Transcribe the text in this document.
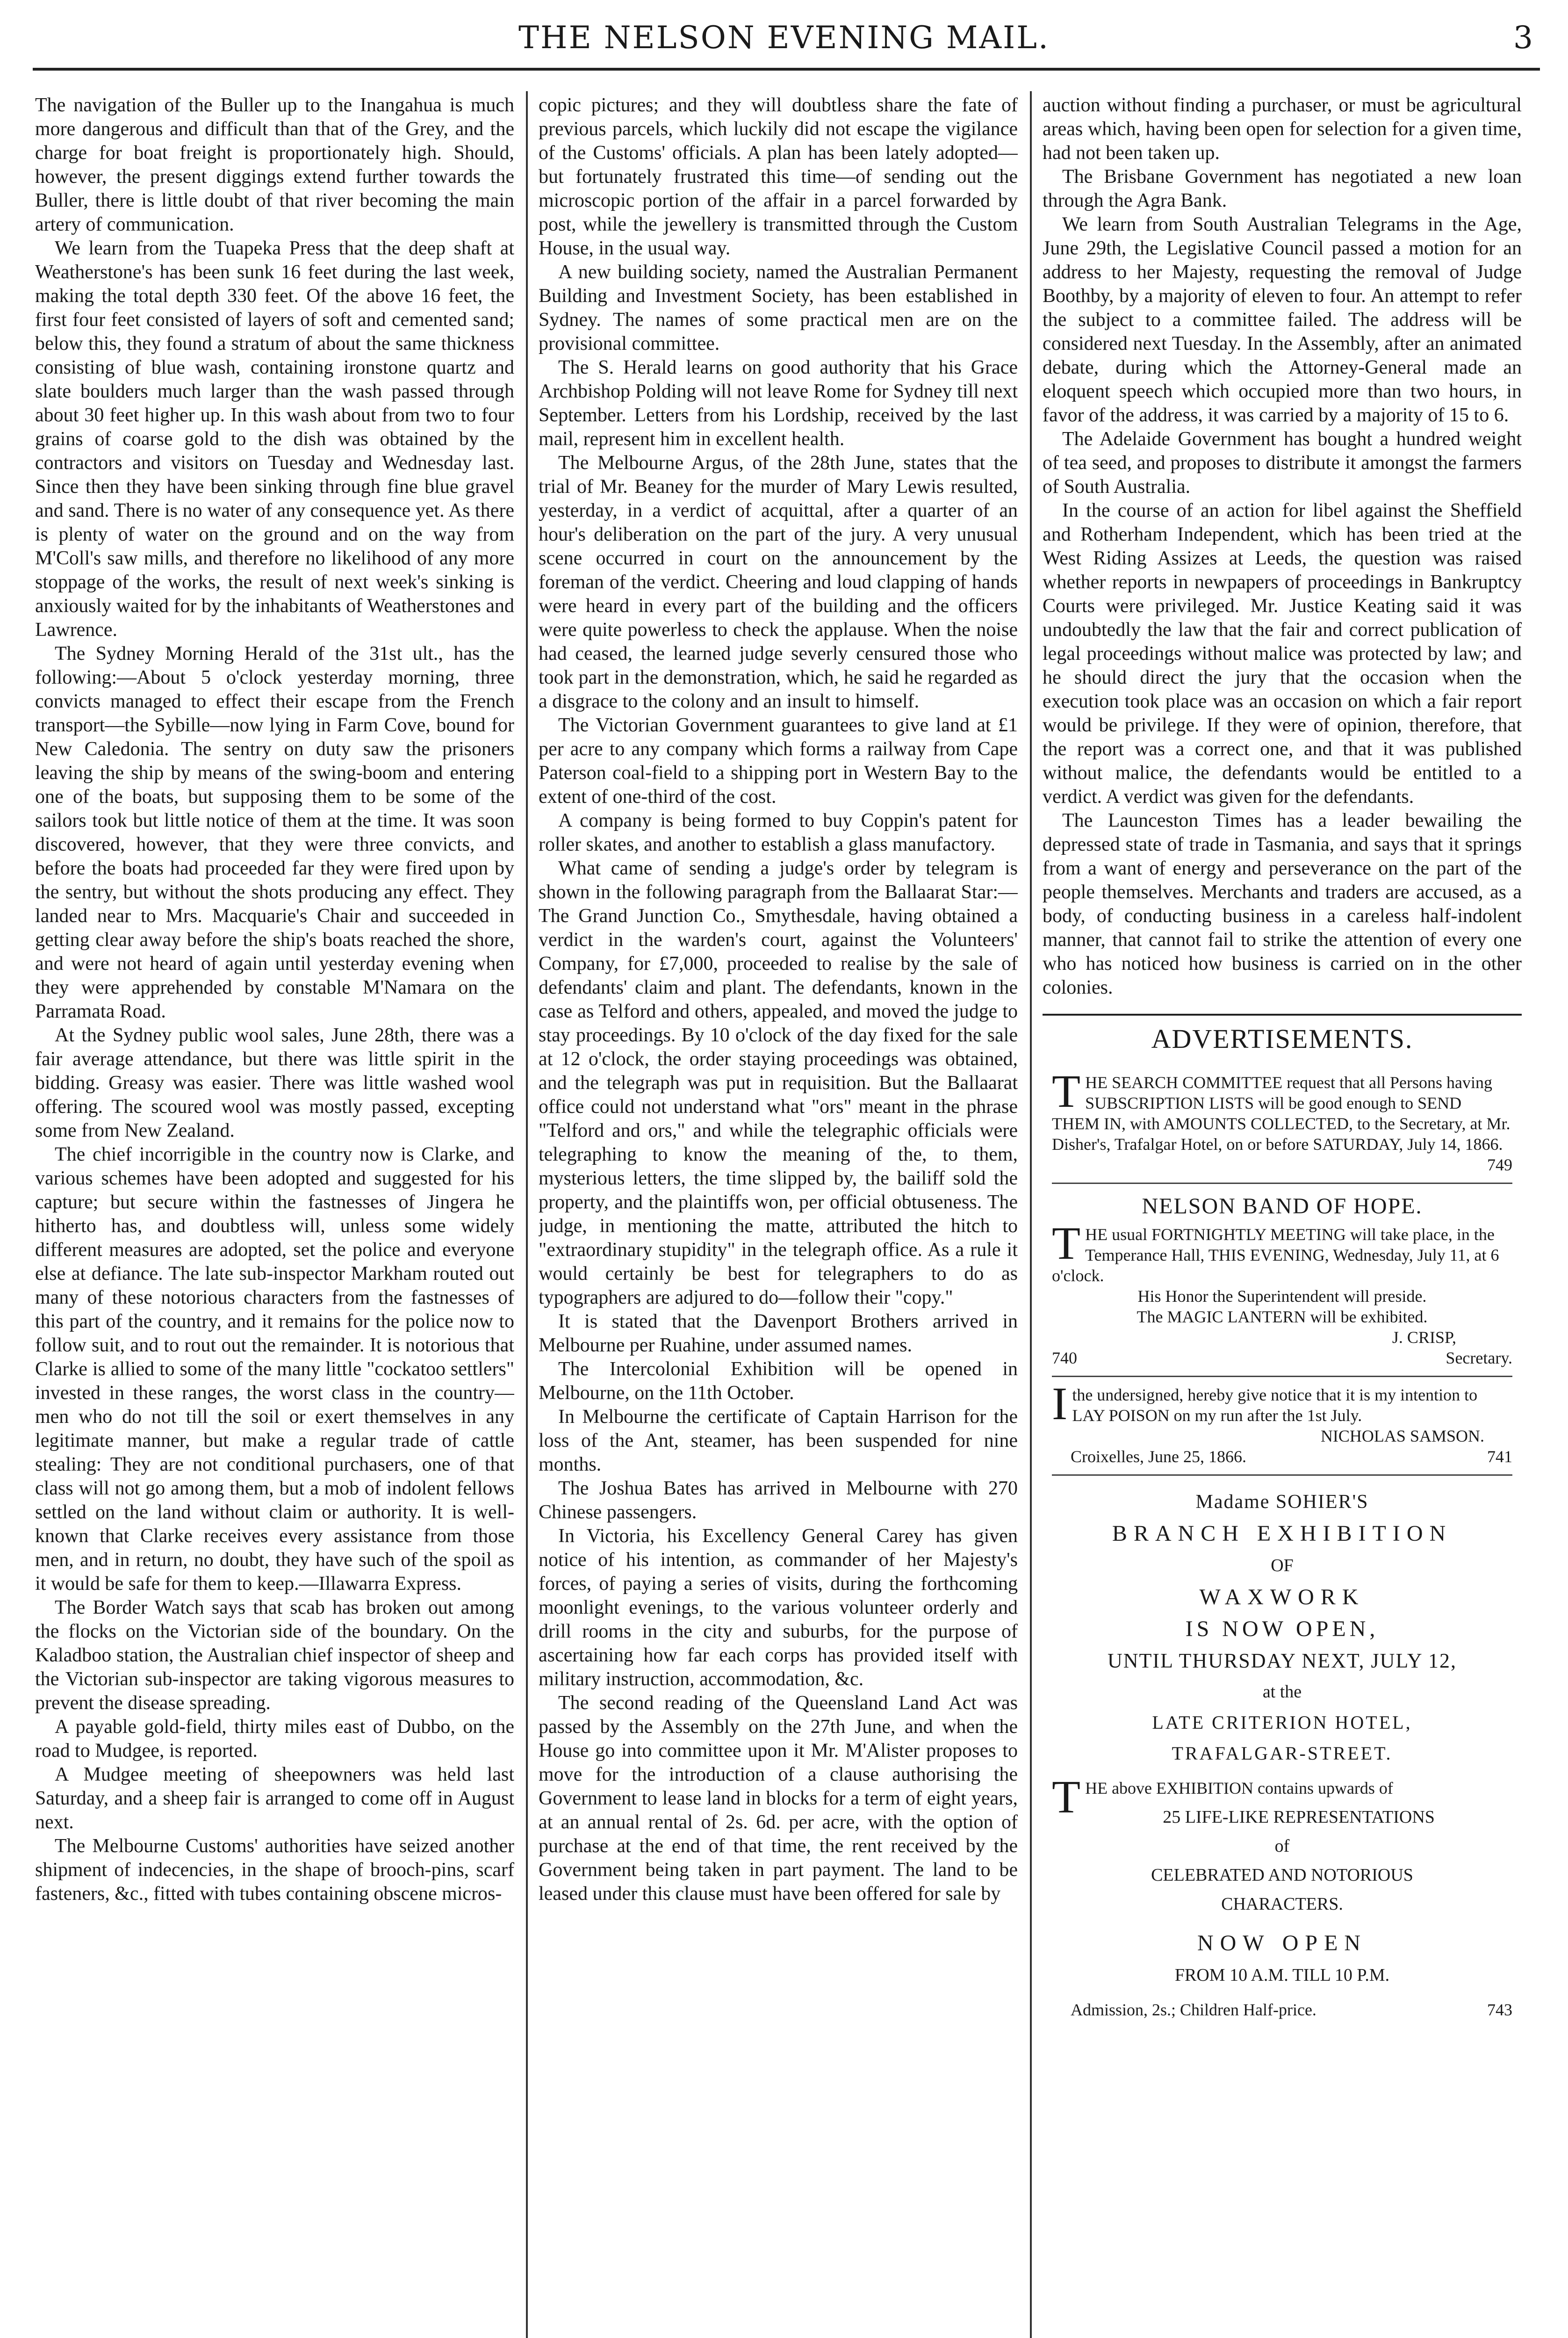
THE NELSON EVENING MAIL.	3

The navigation of the Buller up to the Inangahua is much more dangerous and difficult than that of the Grey, and the charge for boat freight is proportionately high. Should, however, the present diggings extend further towards the Buller, there is little doubt of that river becoming the main artery of communication.

We learn from the Tuapeka Press that the deep shaft at Weatherstone's has been sunk 16 feet during the last week, making the total depth 330 feet. Of the above 16 feet, the first four feet consisted of layers of soft and cemented sand; below this, they found a stratum of about the same thickness consisting of blue wash, containing ironstone quartz and slate boulders much larger than the wash passed through about 30 feet higher up. In this wash about from two to four grains of coarse gold to the dish was obtained by the contractors and visitors on Tuesday and Wednesday last. Since then they have been sinking through fine blue gravel and sand. There is no water of any consequence yet. As there is plenty of water on the ground and on the way from M'Coll's saw mills, and therefore no likelihood of any more stoppage of the works, the result of next week's sinking is anxiously waited for by the inhabitants of Weatherstones and Lawrence.

The Sydney Morning Herald of the 31st ult., has the following:—About 5 o'clock yesterday morning, three convicts managed to effect their escape from the French transport—the Sybille—now lying in Farm Cove, bound for New Caledonia. The sentry on duty saw the prisoners leaving the ship by means of the swing-boom and entering one of the boats, but supposing them to be some of the sailors took but little notice of them at the time. It was soon discovered, however, that they were three convicts, and before the boats had proceeded far they were fired upon by the sentry, but without the shots producing any effect. They landed near to Mrs. Macquarie's Chair and succeeded in getting clear away before the ship's boats reached the shore, and were not heard of again until yesterday evening when they were apprehended by constable M'Namara on the Parramata Road.

At the Sydney public wool sales, June 28th, there was a fair average attendance, but there was little spirit in the bidding. Greasy was easier. There was little washed wool offering. The scoured wool was mostly passed, excepting some from New Zealand.

The chief incorrigible in the country now is Clarke, and various schemes have been adopted and suggested for his capture; but secure within the fastnesses of Jingera he hitherto has, and doubtless will, unless some widely different measures are adopted, set the police and everyone else at defiance. The late sub-inspector Markham routed out many of these notorious characters from the fastnesses of this part of the country, and it remains for the police now to follow suit, and to rout out the remainder. It is notorious that Clarke is allied to some of the many little "cockatoo settlers" invested in these ranges, the worst class in the country—men who do not till the soil or exert themselves in any legitimate manner, but make a regular trade of cattle stealing: They are not conditional purchasers, one of that class will not go among them, but a mob of indolent fellows settled on the land without claim or authority. It is well-known that Clarke receives every assistance from those men, and in return, no doubt, they have such of the spoil as it would be safe for them to keep.—Illawarra Express.

The Border Watch says that scab has broken out among the flocks on the Victorian side of the boundary. On the Kaladboo station, the Australian chief inspector of sheep and the Victorian sub-inspector are taking vigorous measures to prevent the disease spreading.

A payable gold-field, thirty miles east of Dubbo, on the road to Mudgee, is reported.

A Mudgee meeting of sheepowners was held last Saturday, and a sheep fair is arranged to come off in August next.

The Melbourne Customs' authorities have seized another shipment of indecencies, in the shape of brooch-pins, scarf fasteners, &c., fitted with tubes containing obscene micros-

copic pictures; and they will doubtless share the fate of previous parcels, which luckily did not escape the vigilance of the Customs' officials. A plan has been lately adopted—but fortunately frustrated this time—of sending out the microscopic portion of the affair in a parcel forwarded by post, while the jewellery is transmitted through the Custom House, in the usual way.

A new building society, named the Australian Permanent Building and Investment Society, has been established in Sydney. The names of some practical men are on the provisional committee.

The S. Herald learns on good authority that his Grace Archbishop Polding will not leave Rome for Sydney till next September. Letters from his Lordship, received by the last mail, represent him in excellent health.

The Melbourne Argus, of the 28th June, states that the trial of Mr. Beaney for the murder of Mary Lewis resulted, yesterday, in a verdict of acquittal, after a quarter of an hour's deliberation on the part of the jury. A very unusual scene occurred in court on the announcement by the foreman of the verdict. Cheering and loud clapping of hands were heard in every part of the building and the officers were quite powerless to check the applause. When the noise had ceased, the learned judge severly censured those who took part in the demonstration, which, he said he regarded as a disgrace to the colony and an insult to himself.

The Victorian Government guarantees to give land at £1 per acre to any company which forms a railway from Cape Paterson coal-field to a shipping port in Western Bay to the extent of one-third of the cost.

A company is being formed to buy Coppin's patent for roller skates, and another to establish a glass manufactory.

What came of sending a judge's order by telegram is shown in the following paragraph from the Ballaarat Star:—The Grand Junction Co., Smythesdale, having obtained a verdict in the warden's court, against the Volunteers' Company, for £7,000, proceeded to realise by the sale of defendants' claim and plant. The defendants, known in the case as Telford and others, appealed, and moved the judge to stay proceedings. By 10 o'clock of the day fixed for the sale at 12 o'clock, the order staying proceedings was obtained, and the telegraph was put in requisition. But the Ballaarat office could not understand what "ors" meant in the phrase "Telford and ors," and while the telegraphic officials were telegraphing to know the meaning of the, to them, mysterious letters, the time slipped by, the bailiff sold the property, and the plaintiffs won, per official obtuseness. The judge, in mentioning the matte, attributed the hitch to "extraordinary stupidity" in the telegraph office. As a rule it would certainly be best for telegraphers to do as typographers are adjured to do—follow their "copy."

It is stated that the Davenport Brothers arrived in Melbourne per Ruahine, under assumed names.

The Intercolonial Exhibition will be opened in Melbourne, on the 11th October.

In Melbourne the certificate of Captain Harrison for the loss of the Ant, steamer, has been suspended for nine months.

The Joshua Bates has arrived in Melbourne with 270 Chinese passengers.

In Victoria, his Excellency General Carey has given notice of his intention, as commander of her Majesty's forces, of paying a series of visits, during the forthcoming moonlight evenings, to the various volunteer orderly and drill rooms in the city and suburbs, for the purpose of ascertaining how far each corps has provided itself with military instruction, accommodation, &c.

The second reading of the Queensland Land Act was passed by the Assembly on the 27th June, and when the House go into committee upon it Mr. M'Alister proposes to move for the introduction of a clause authorising the Government to lease land in blocks for a term of eight years, at an annual rental of 2s. 6d. per acre, with the option of purchase at the end of that time, the rent received by the Government being taken in part payment. The land to be leased under this clause must have been offered for sale by

auction without finding a purchaser, or must be agricultural areas which, having been open for selection for a given time, had not been taken up.

The Brisbane Government has negotiated a new loan through the Agra Bank.

We learn from South Australian Telegrams in the Age, June 29th, the Legislative Council passed a motion for an address to her Majesty, requesting the removal of Judge Boothby, by a majority of eleven to four. An attempt to refer the subject to a committee failed. The address will be considered next Tuesday. In the Assembly, after an animated debate, during which the Attorney-General made an eloquent speech which occupied more than two hours, in favor of the address, it was carried by a majority of 15 to 6.

The Adelaide Government has bought a hundred weight of tea seed, and proposes to distribute it amongst the farmers of South Australia.

In the course of an action for libel against the Sheffield and Rotherham Independent, which has been tried at the West Riding Assizes at Leeds, the question was raised whether reports in newpapers of proceedings in Bankruptcy Courts were privileged. Mr. Justice Keating said it was undoubtedly the law that the fair and correct publication of legal proceedings without malice was protected by law; and he should direct the jury that the occasion when the execution took place was an occasion on which a fair report would be privilege. If they were of opinion, therefore, that the report was a correct one, and that it was published without malice, the defendants would be entitled to a verdict. A verdict was given for the defendants.

The Launceston Times has a leader bewailing the depressed state of trade in Tasmania, and says that it springs from a want of energy and perseverance on the part of the people themselves. Merchants and traders are accused, as a body, of conducting business in a careless half-indolent manner, that cannot fail to strike the attention of every one who has noticed how business is carried on in the other colonies.

ADVERTISEMENTS.

T HE SEARCH COMMITTEE request that all Persons having SUBSCRIPTION LISTS will be good enough to SEND THEM IN, with AMOUNTS COLLECTED, to the Secretary, at Mr. Disher's, Trafalgar Hotel, on or before SATURDAY, July 14, 1866.

749

NELSON BAND OF HOPE.

T HE usual FORTNIGHTLY MEETING will take place, in the Temperance Hall, THIS EVENING, Wednesday, July 11, at 6 o'clock.

His Honor the Superintendent will preside.

The MAGIC LANTERN will be exhibited.

J. CRISP,

740	Secretary.

I the undersigned, hereby give notice that it is my intention to LAY POISON on my run after the 1st July.

NICHOLAS SAMSON.

Croixelles, June 25, 1866.	741
Madame SOHIER'S
BRANCH EXHIBITION
OF
WAXWORK
IS NOW OPEN,
UNTIL THURSDAY NEXT, JULY 12,
at the
LATE CRITERION HOTEL,
TRAFALGAR-STREET.

T HE above EXHIBITION contains upwards of

25 LIFE-LIKE REPRESENTATIONS
of
CELEBRATED AND NOTORIOUS
CHARACTERS.
NOW OPEN
FROM 10 A.M. TILL 10 P.M.
Admission, 2s.; Children Half-price.	743
